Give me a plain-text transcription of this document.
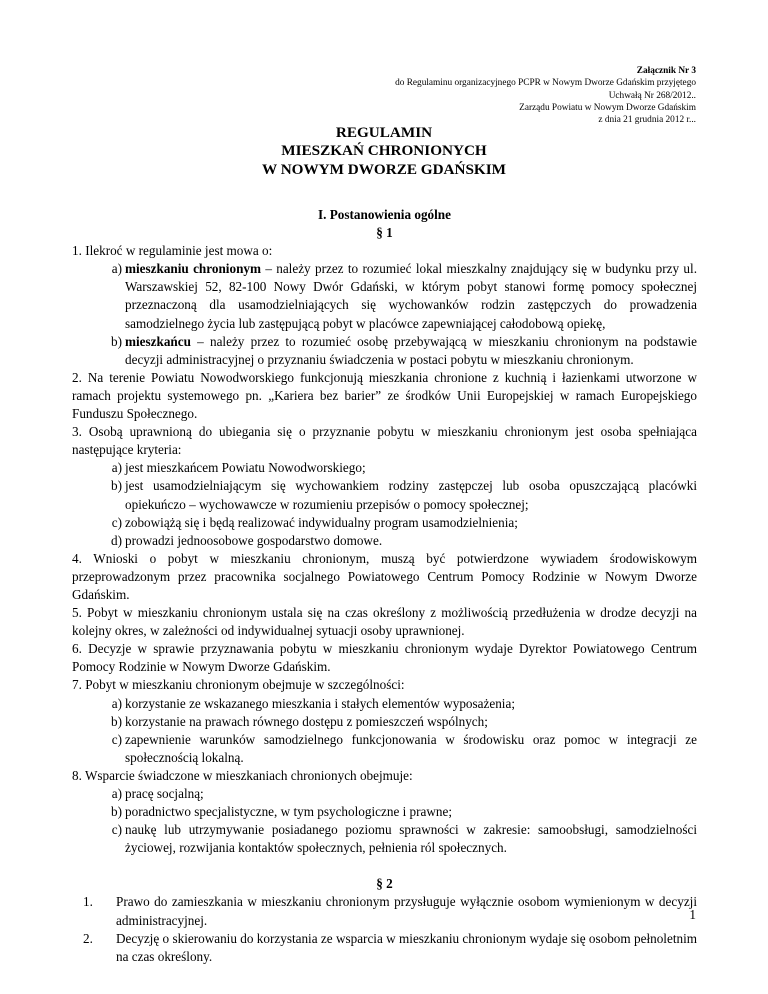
Załącznik Nr 3
do Regulaminu organizacyjnego PCPR w Nowym Dworze Gdańskim przyjętego
Uchwałą Nr 268/2012..
Zarządu Powiatu w Nowym Dworze Gdańskim
z dnia 21 grudnia 2012 r...
REGULAMIN
MIESZKAŃ CHRONIONYCH
W NOWYM DWORZE GDAŃSKIM
I. Postanowienia ogólne
§ 1

1. Ilekroć w regulaminie jest mowa o:

a) mieszkaniu chronionym – należy przez to rozumieć lokal mieszkalny znajdujący się w budynku przy ul. Warszawskiej 52, 82-100 Nowy Dwór Gdański, w którym pobyt stanowi formę pomocy społecznej przeznaczoną dla usamodzielniających się wychowanków rodzin zastępczych do prowadzenia samodzielnego życia lub zastępującą pobyt w placówce zapewniającej całodobową opiekę,
b) mieszkańcu – należy przez to rozumieć osobę przebywającą w mieszkaniu chronionym na podstawie decyzji administracyjnej o przyznaniu świadczenia w postaci pobytu w mieszkaniu chronionym.

2. Na terenie Powiatu Nowodworskiego funkcjonują mieszkania chronione z kuchnią i łazienkami utworzone w ramach projektu systemowego pn. „Kariera bez barier” ze środków Unii Europejskiej w ramach Europejskiego Funduszu Społecznego.

3. Osobą uprawnioną do ubiegania się o przyznanie pobytu w mieszkaniu chronionym jest osoba spełniająca następujące kryteria:

a) jest mieszkańcem Powiatu Nowodworskiego;
b) jest usamodzielniającym się wychowankiem rodziny zastępczej lub osoba opuszczającą placówki opiekuńczo – wychowawcze w rozumieniu przepisów o pomocy społecznej;
c) zobowiążą się i będą realizować indywidualny program usamodzielnienia;
d) prowadzi jednoosobowe gospodarstwo domowe.

4. Wnioski o pobyt w mieszkaniu chronionym, muszą być potwierdzone wywiadem środowiskowym przeprowadzonym przez pracownika socjalnego Powiatowego Centrum Pomocy Rodzinie w Nowym Dworze Gdańskim.

5. Pobyt w mieszkaniu chronionym ustala się na czas określony z możliwością przedłużenia w drodze decyzji na kolejny okres, w zależności od indywidualnej sytuacji osoby uprawnionej.

6. Decyzje w sprawie przyznawania pobytu w mieszkaniu chronionym wydaje Dyrektor Powiatowego Centrum Pomocy Rodzinie w Nowym Dworze Gdańskim.

7. Pobyt w mieszkaniu chronionym obejmuje w szczególności:

a) korzystanie ze wskazanego mieszkania i stałych elementów wyposażenia;
b) korzystanie na prawach równego dostępu z pomieszczeń wspólnych;
c) zapewnienie warunków samodzielnego funkcjonowania w środowisku oraz pomoc w integracji ze społecznością lokalną.

8. Wsparcie świadczone w mieszkaniach chronionych obejmuje:

a) pracę socjalną;
b) poradnictwo specjalistyczne, w tym psychologiczne i prawne;
c) naukę lub utrzymywanie posiadanego poziomu sprawności w zakresie: samoobsługi, samodzielności życiowej, rozwijania kontaktów społecznych, pełnienia ról społecznych.
§ 2
1.	Prawo do zamieszkania w mieszkaniu chronionym przysługuje wyłącznie osobom wymienionym w decyzji administracyjnej.
2.	Decyzję o skierowaniu do korzystania ze wsparcia w mieszkaniu chronionym wydaje się osobom pełnoletnim na czas określony.
1
